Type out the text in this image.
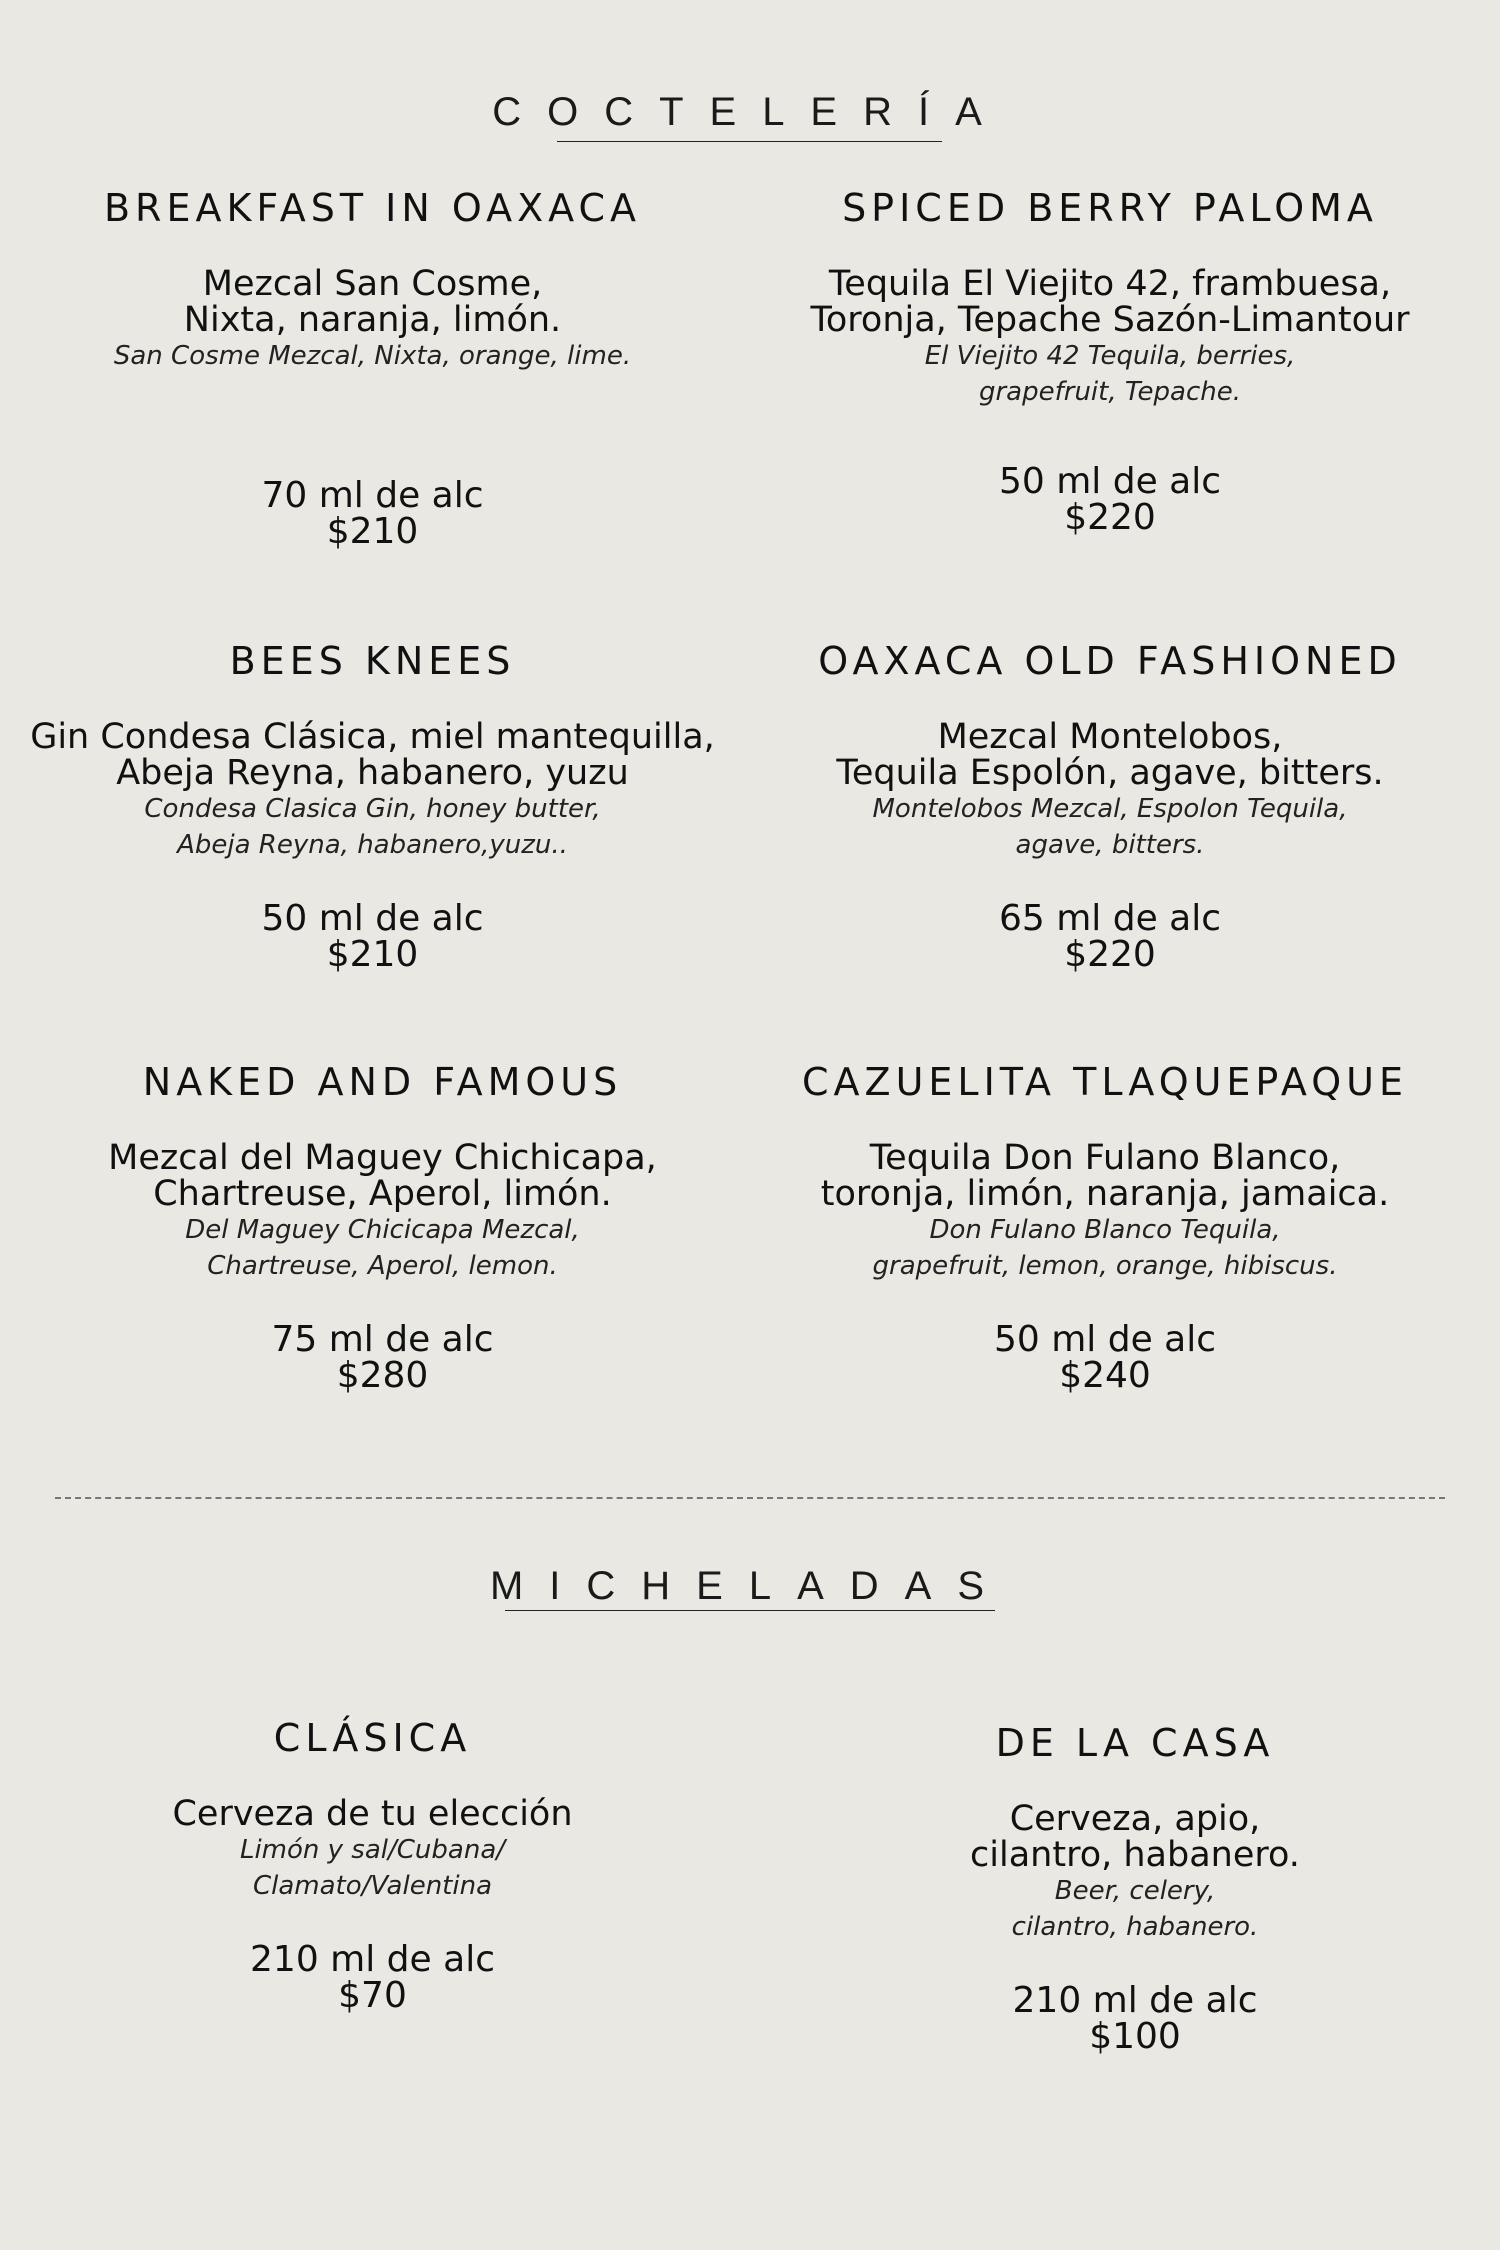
COCTELERÍA
BREAKFAST IN OAXACA
Mezcal San Cosme,
Nixta, naranja, limón.
San Cosme Mezcal, Nixta, orange, lime.
70 ml de alc
$210
SPICED BERRY PALOMA
Tequila El Viejito 42, frambuesa,
Toronja, Tepache Sazón-Limantour
El Viejito 42 Tequila, berries,
grapefruit, Tepache.
50 ml de alc
$220
BEES KNEES
Gin Condesa Clásica, miel mantequilla,
Abeja Reyna, habanero, yuzu
Condesa Clasica Gin, honey butter,
Abeja Reyna, habanero,yuzu..
50 ml de alc
$210
OAXACA OLD FASHIONED
Mezcal Montelobos,
Tequila Espolón, agave, bitters.
Montelobos Mezcal, Espolon Tequila,
agave, bitters.
65 ml de alc
$220
NAKED AND FAMOUS
Mezcal del Maguey Chichicapa,
Chartreuse, Aperol, limón.
Del Maguey Chicicapa Mezcal,
Chartreuse, Aperol, lemon.
75 ml de alc
$280
CAZUELITA TLAQUEPAQUE
Tequila Don Fulano Blanco,
toronja, limón, naranja, jamaica.
Don Fulano Blanco Tequila,
grapefruit, lemon, orange, hibiscus.
50 ml de alc
$240
MICHELADAS
CLÁSICA
Cerveza de tu elección
Limón y sal/Cubana/
Clamato/Valentina
210 ml de alc
$70
DE LA CASA
Cerveza, apio,
cilantro, habanero.
Beer, celery,
cilantro, habanero.
210 ml de alc
$100
